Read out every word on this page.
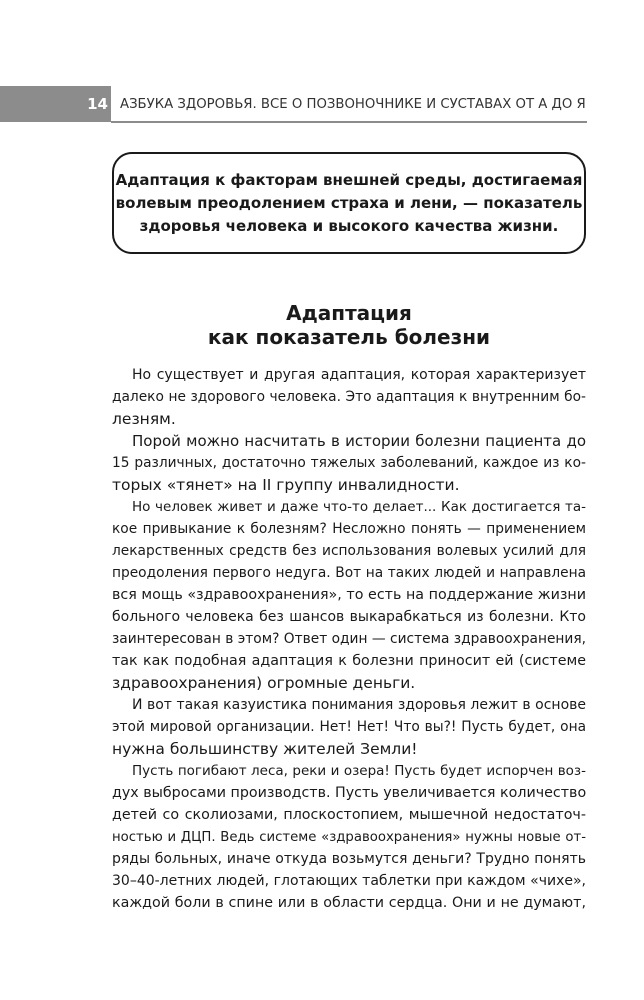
14 АЗБУКА ЗДОРОВЬЯ. ВСЕ О ПОЗВОНОЧНИКЕ И СУСТАВАХ ОТ А ДО Я
Адаптация к факторам внешней среды, достигаемая
волевым преодолением страха и лени, — показатель
здоровья человека и высокого качества жизни.
Адаптация
как показатель болезни
Но существует и другая адаптация, которая характеризует
далеко не здорового человека. Это адаптация к внутренним бо-
лезням.
Порой можно насчитать в истории болезни пациента до
15 различных, достаточно тяжелых заболеваний, каждое из ко-
торых «тянет» на II группу инвалидности.
Но человек живет и даже что-то делает... Как достигается та-
кое привыкание к болезням? Несложно понять — применением
лекарственных средств без использования волевых усилий для
преодоления первого недуга. Вот на таких людей и направлена
вся мощь «здравоохранения», то есть на поддержание жизни
больного человека без шансов выкарабкаться из болезни. Кто
заинтересован в этом? Ответ один — система здравоохранения,
так как подобная адаптация к болезни приносит ей (системе
здравоохранения) огромные деньги.
И вот такая казуистика понимания здоровья лежит в основе
этой мировой организации. Нет! Нет! Что вы?! Пусть будет, она
нужна большинству жителей Земли!
Пусть погибают леса, реки и озера! Пусть будет испорчен воз-
дух выбросами производств. Пусть увеличивается количество
детей со сколиозами, плоскостопием, мышечной недостаточ-
ностью и ДЦП. Ведь системе «здравоохранения» нужны новые от-
ряды больных, иначе откуда возьмутся деньги? Трудно понять
30–40-летних людей, глотающих таблетки при каждом «чихе»,
каждой боли в спине или в области сердца. Они и не думают,
